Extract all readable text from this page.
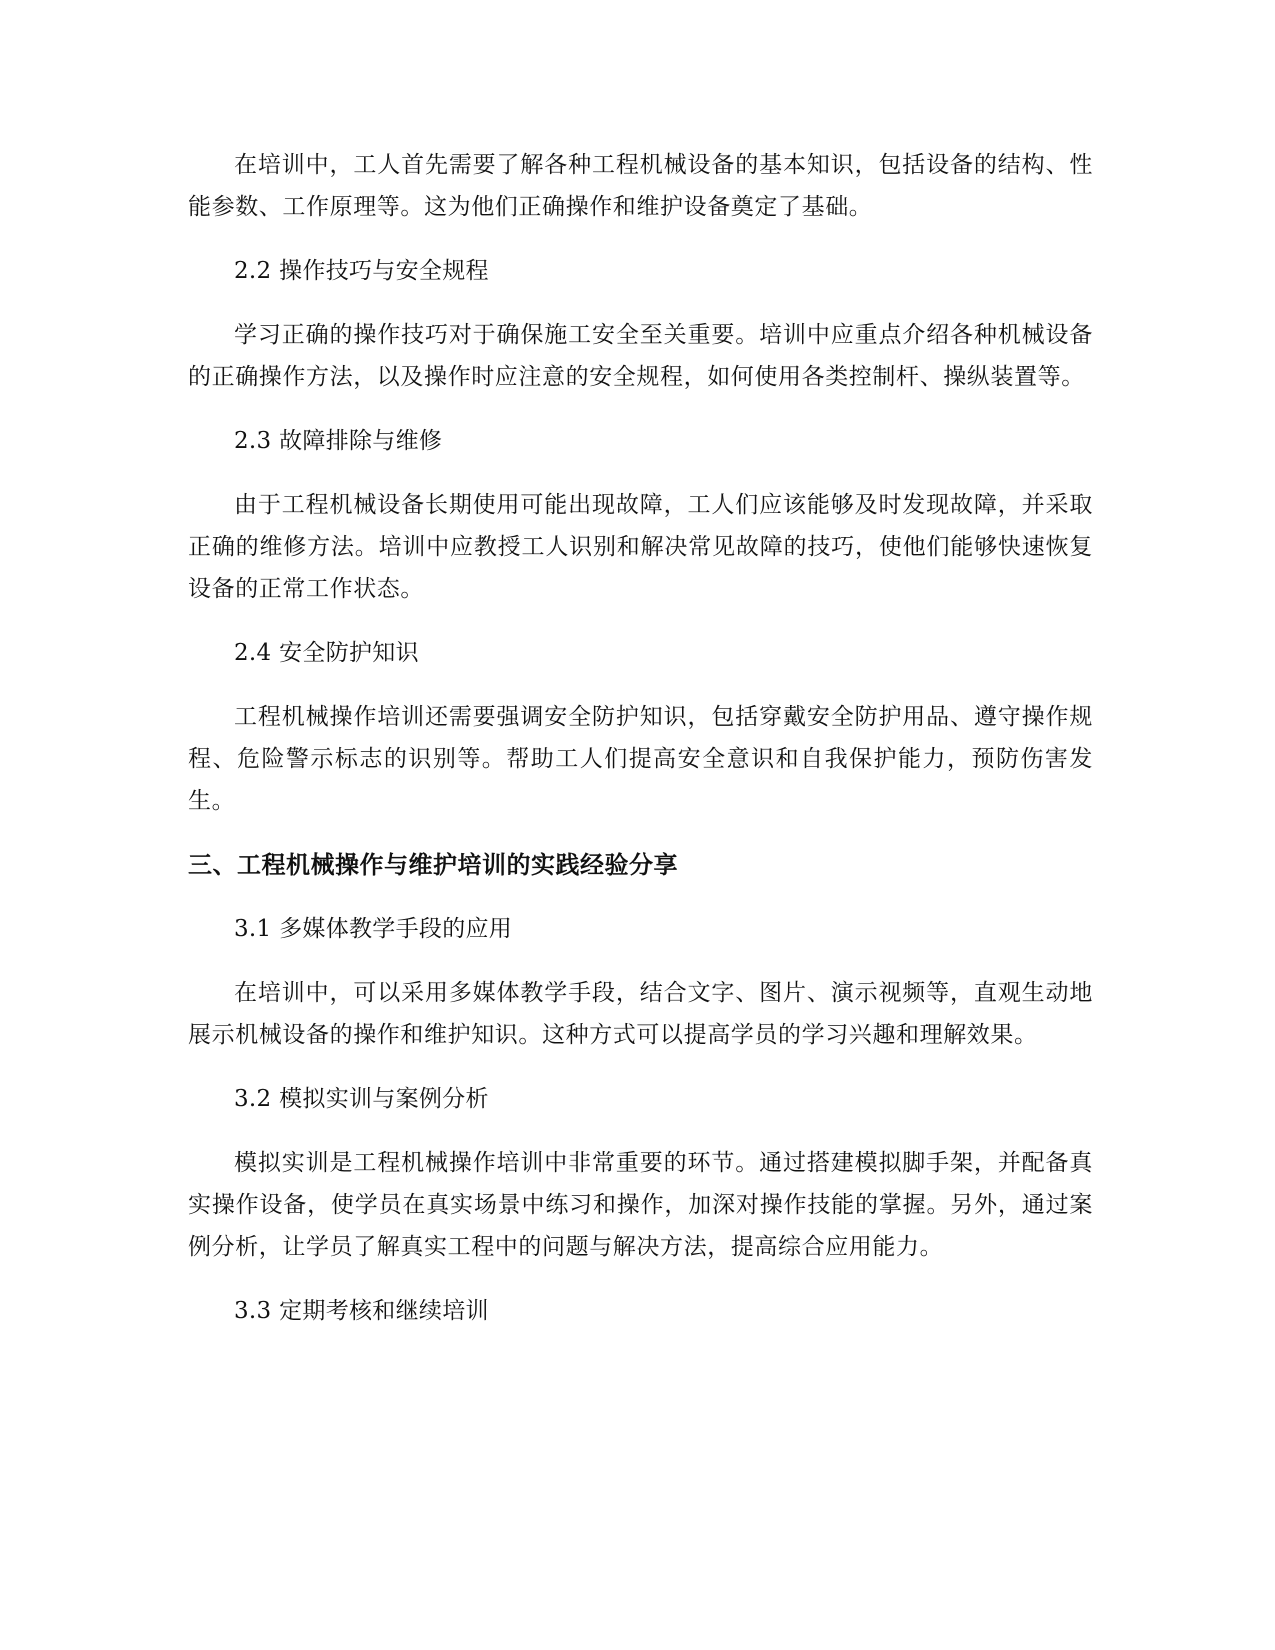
在培训中，工人首先需要了解各种工程机械设备的基本知识，包括设备的结构、性能参数、工作原理等。这为他们正确操作和维护设备奠定了基础。

2.2 操作技巧与安全规程

学习正确的操作技巧对于确保施工安全至关重要。培训中应重点介绍各种机械设备的正确操作方法，以及操作时应注意的安全规程，如何使用各类控制杆、操纵装置等。

2.3 故障排除与维修

由于工程机械设备长期使用可能出现故障，工人们应该能够及时发现故障，并采取正确的维修方法。培训中应教授工人识别和解决常见故障的技巧，使他们能够快速恢复设备的正常工作状态。

2.4 安全防护知识

工程机械操作培训还需要强调安全防护知识，包括穿戴安全防护用品、遵守操作规程、危险警示标志的识别等。帮助工人们提高安全意识和自我保护能力，预防伤害发生。

三、工程机械操作与维护培训的实践经验分享

3.1 多媒体教学手段的应用

在培训中，可以采用多媒体教学手段，结合文字、图片、演示视频等，直观生动地展示机械设备的操作和维护知识。这种方式可以提高学员的学习兴趣和理解效果。

3.2 模拟实训与案例分析

模拟实训是工程机械操作培训中非常重要的环节。通过搭建模拟脚手架，并配备真实操作设备，使学员在真实场景中练习和操作，加深对操作技能的掌握。另外，通过案例分析，让学员了解真实工程中的问题与解决方法，提高综合应用能力。

3.3 定期考核和继续培训
